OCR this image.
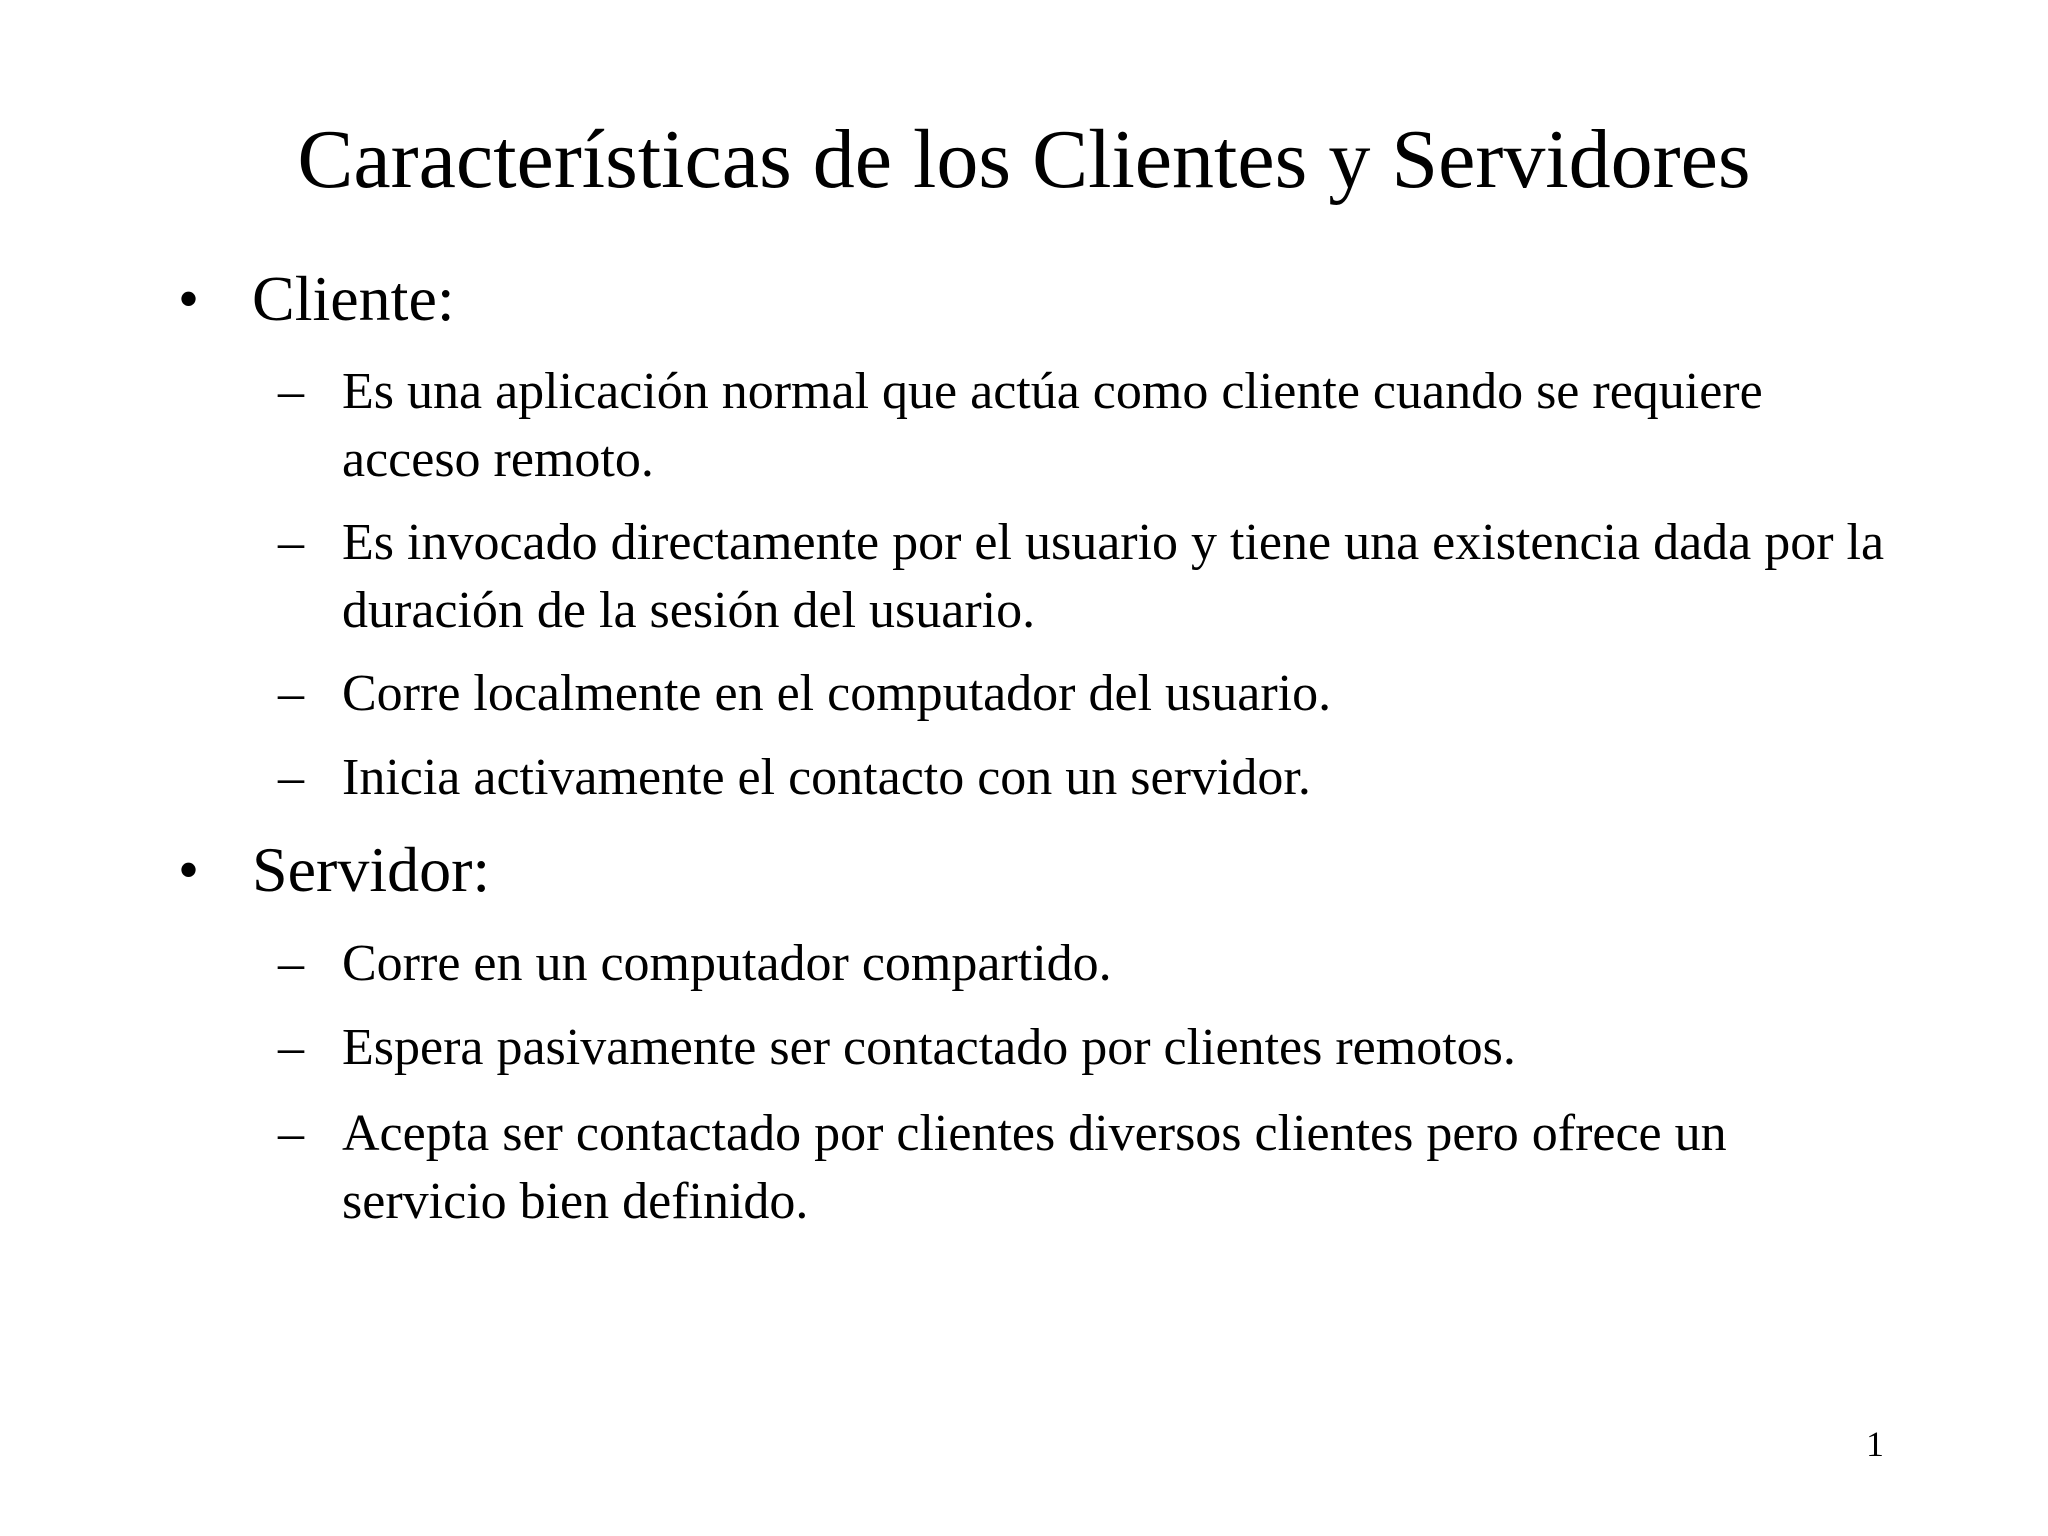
Características de los Clientes y Servidores
• Cliente:
– Es una aplicación normal que actúa como cliente cuando se requiere acceso remoto.
– Es invocado directamente por el usuario y tiene una existencia dada por la duración de la sesión del usuario.
– Corre localmente en el computador del usuario.
– Inicia activamente el contacto con un servidor.
• Servidor:
– Corre en un computador compartido.
– Espera pasivamente ser contactado por clientes remotos.
– Acepta ser contactado por clientes diversos clientes pero ofrece un servicio bien definido.
1
